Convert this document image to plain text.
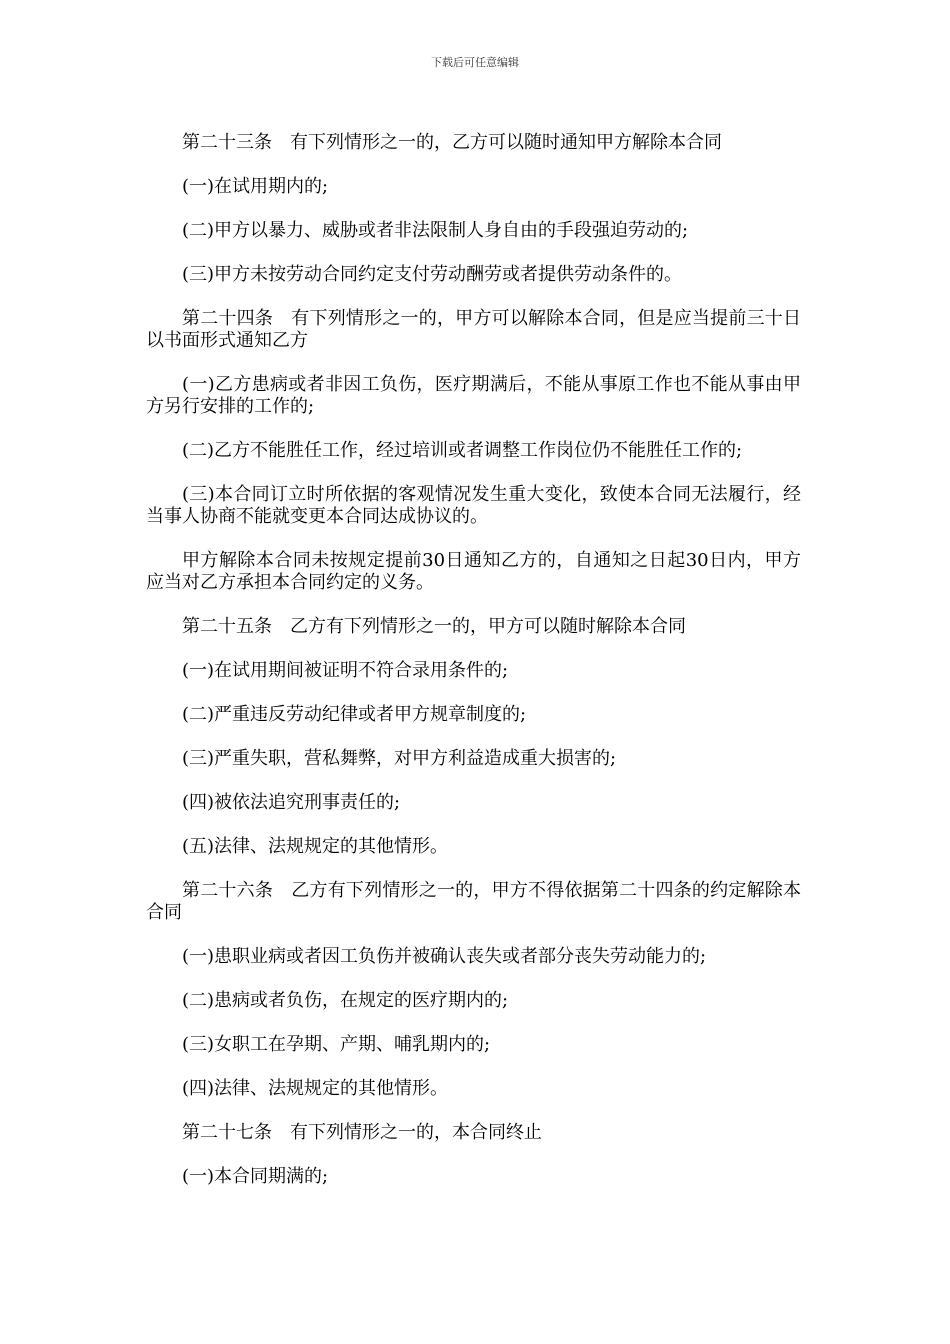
下载后可任意编辑

第二十三条　有下列情形之一的，乙方可以随时通知甲方解除本合同

(一)在试用期内的;

(二)甲方以暴力、威胁或者非法限制人身自由的手段强迫劳动的;

(三)甲方未按劳动合同约定支付劳动酬劳或者提供劳动条件的。

第二十四条　有下列情形之一的，甲方可以解除本合同，但是应当提前三十日以书面形式通知乙方

(一)乙方患病或者非因工负伤，医疗期满后，不能从事原工作也不能从事由甲方另行安排的工作的;

(二)乙方不能胜任工作，经过培训或者调整工作岗位仍不能胜任工作的;

(三)本合同订立时所依据的客观情况发生重大变化，致使本合同无法履行，经当事人协商不能就变更本合同达成协议的。

甲方解除本合同未按规定提前30日通知乙方的，自通知之日起30日内，甲方应当对乙方承担本合同约定的义务。

第二十五条　乙方有下列情形之一的，甲方可以随时解除本合同

(一)在试用期间被证明不符合录用条件的;

(二)严重违反劳动纪律或者甲方规章制度的;

(三)严重失职，营私舞弊，对甲方利益造成重大损害的;

(四)被依法追究刑事责任的;

(五)法律、法规规定的其他情形。

第二十六条　乙方有下列情形之一的，甲方不得依据第二十四条的约定解除本合同

(一)患职业病或者因工负伤并被确认丧失或者部分丧失劳动能力的;

(二)患病或者负伤，在规定的医疗期内的;

(三)女职工在孕期、产期、哺乳期内的;

(四)法律、法规规定的其他情形。

第二十七条　有下列情形之一的，本合同终止

(一)本合同期满的;
